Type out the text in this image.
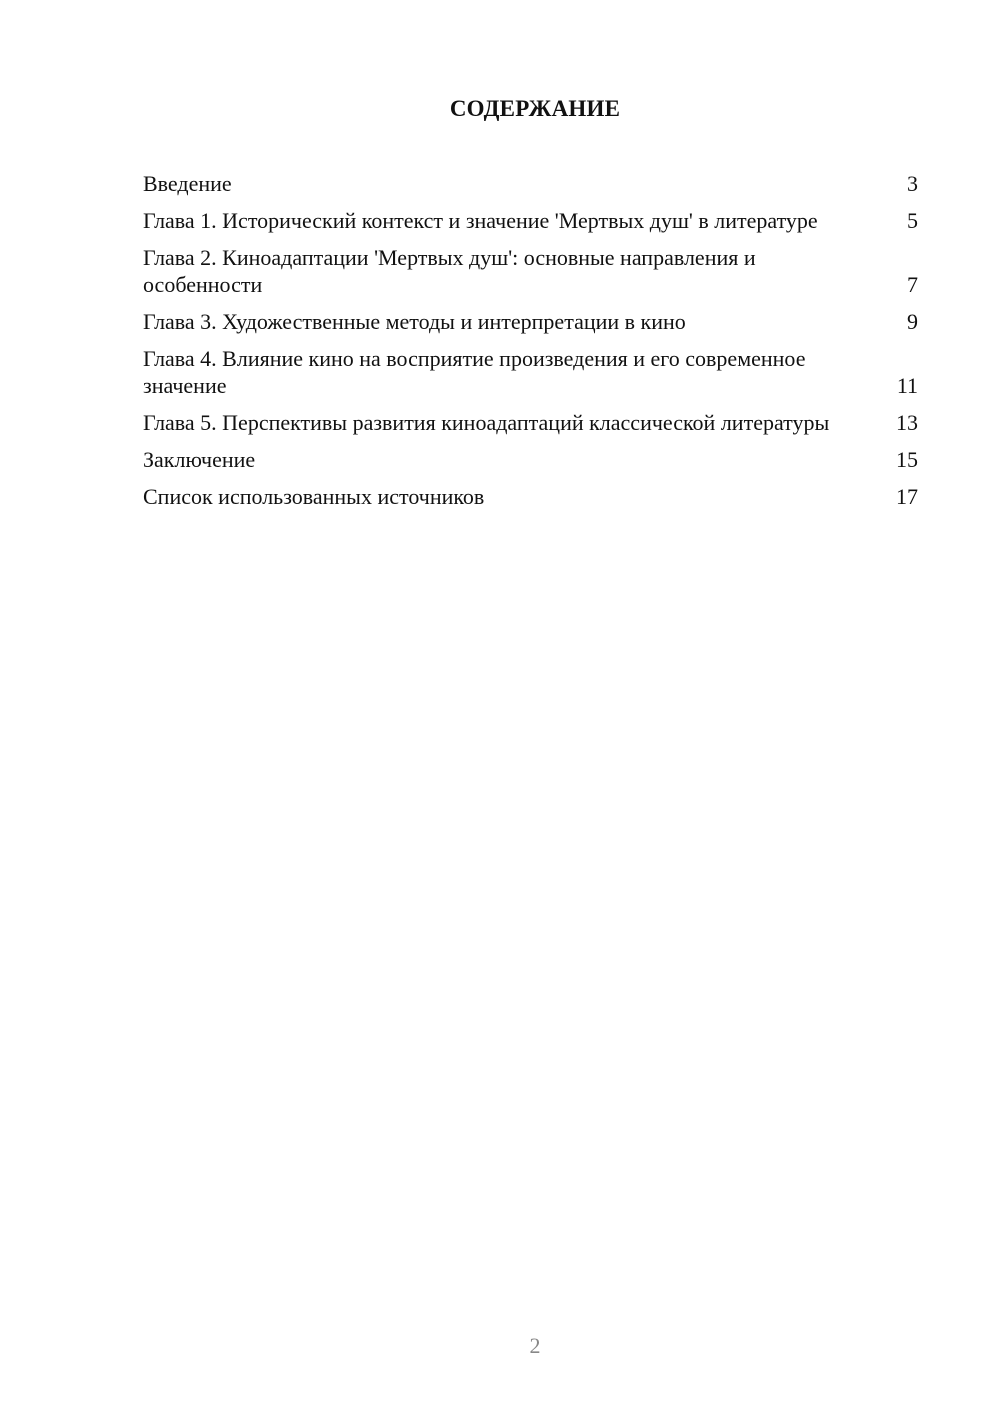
СОДЕРЖАНИЕ
Введение	3
Глава 1. Исторический контекст и значение 'Мертвых душ' в литературе	5
Глава 2. Киноадаптации 'Мертвых душ': основные направления и особенности	7
Глава 3. Художественные методы и интерпретации в кино	9
Глава 4. Влияние кино на восприятие произведения и его современное значение	11
Глава 5. Перспективы развития киноадаптаций классической литературы	13
Заключение	15
Список использованных источников	17
2
